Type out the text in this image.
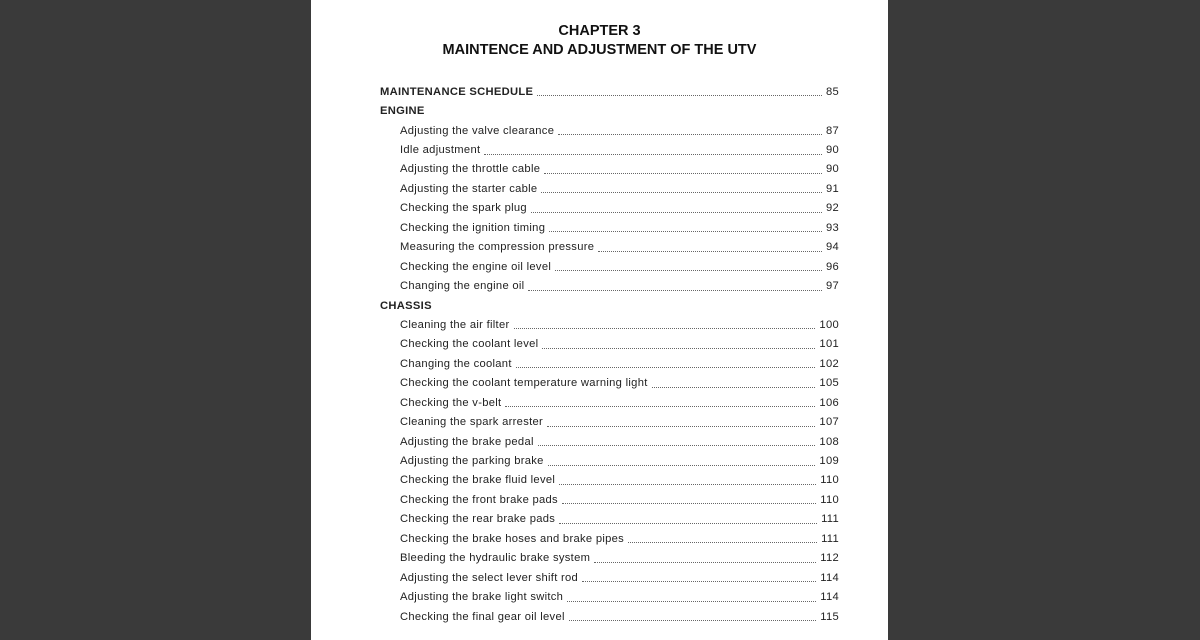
CHAPTER 3
MAINTENCE AND ADJUSTMENT OF THE UTV
MAINTENANCE SCHEDULE	85
ENGINE
Adjusting the valve clearance	87
Idle adjustment	90
Adjusting the throttle cable	90
Adjusting the starter cable	91
Checking the spark plug	92
Checking the ignition timing	93
Measuring the compression pressure	94
Checking the engine oil level	96
Changing the engine oil	97
CHASSIS
Cleaning the air filter	100
Checking the coolant level	101
Changing the coolant	102
Checking the coolant temperature warning light	105
Checking the v-belt	106
Cleaning the spark arrester	107
Adjusting the brake pedal	108
Adjusting the parking brake	109
Checking the brake fluid level	110
Checking the front brake pads	110
Checking the rear brake pads	111
Checking the brake hoses and brake pipes	111
Bleeding the hydraulic brake system	112
Adjusting the select lever shift rod	114
Adjusting the brake light switch	114
Checking the final gear oil level	115
